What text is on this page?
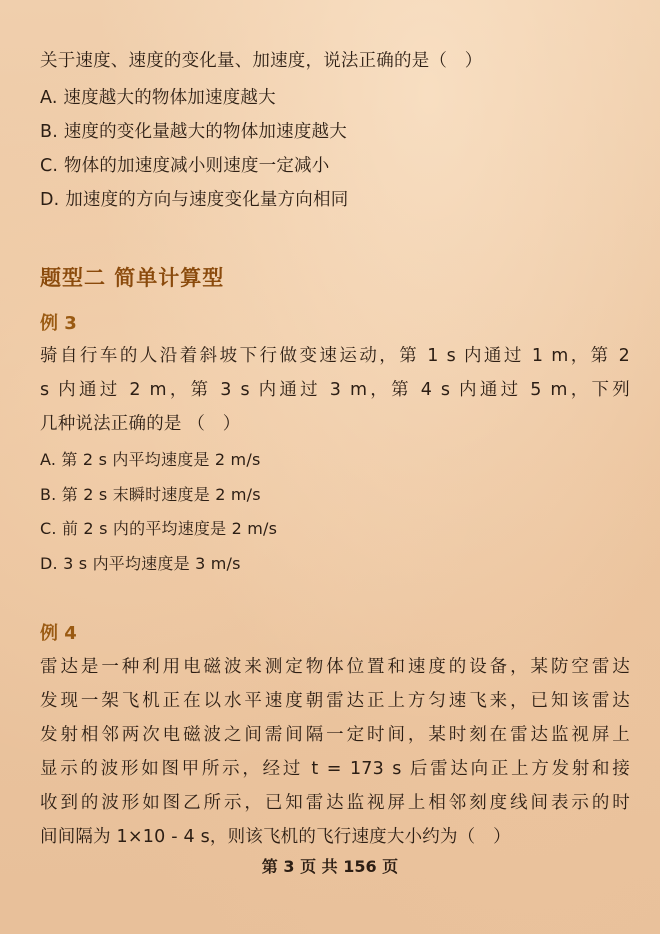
关于速度、速度的变化量、加速度，说法正确的是（　）
A. 速度越大的物体加速度越大
B. 速度的变化量越大的物体加速度越大
C. 物体的加速度减小则速度一定减小
D. 加速度的方向与速度变化量方向相同
题型二 简单计算型
例 3
骑自行车的人沿着斜坡下行做变速运动，第 1 s 内通过 1 m，第 2
s 内通过 2 m，第 3 s 内通过 3 m，第 4 s 内通过 5 m，下列
几种说法正确的是 （　）
A. 第 2 s 内平均速度是 2 m/s
B. 第 2 s 末瞬时速度是 2 m/s
C. 前 2 s 内的平均速度是 2 m/s
D. 3 s 内平均速度是 3 m/s
例 4
雷达是一种利用电磁波来测定物体位置和速度的设备，某防空雷达
发现一架飞机正在以水平速度朝雷达正上方匀速飞来，已知该雷达
发射相邻两次电磁波之间需间隔一定时间，某时刻在雷达监视屏上
显示的波形如图甲所示，经过 t = 173 s 后雷达向正上方发射和接
收到的波形如图乙所示，已知雷达监视屏上相邻刻度线间表示的时
间间隔为 1×10 - 4 s，则该飞机的飞行速度大小约为（　）
第 3 页 共 156 页
